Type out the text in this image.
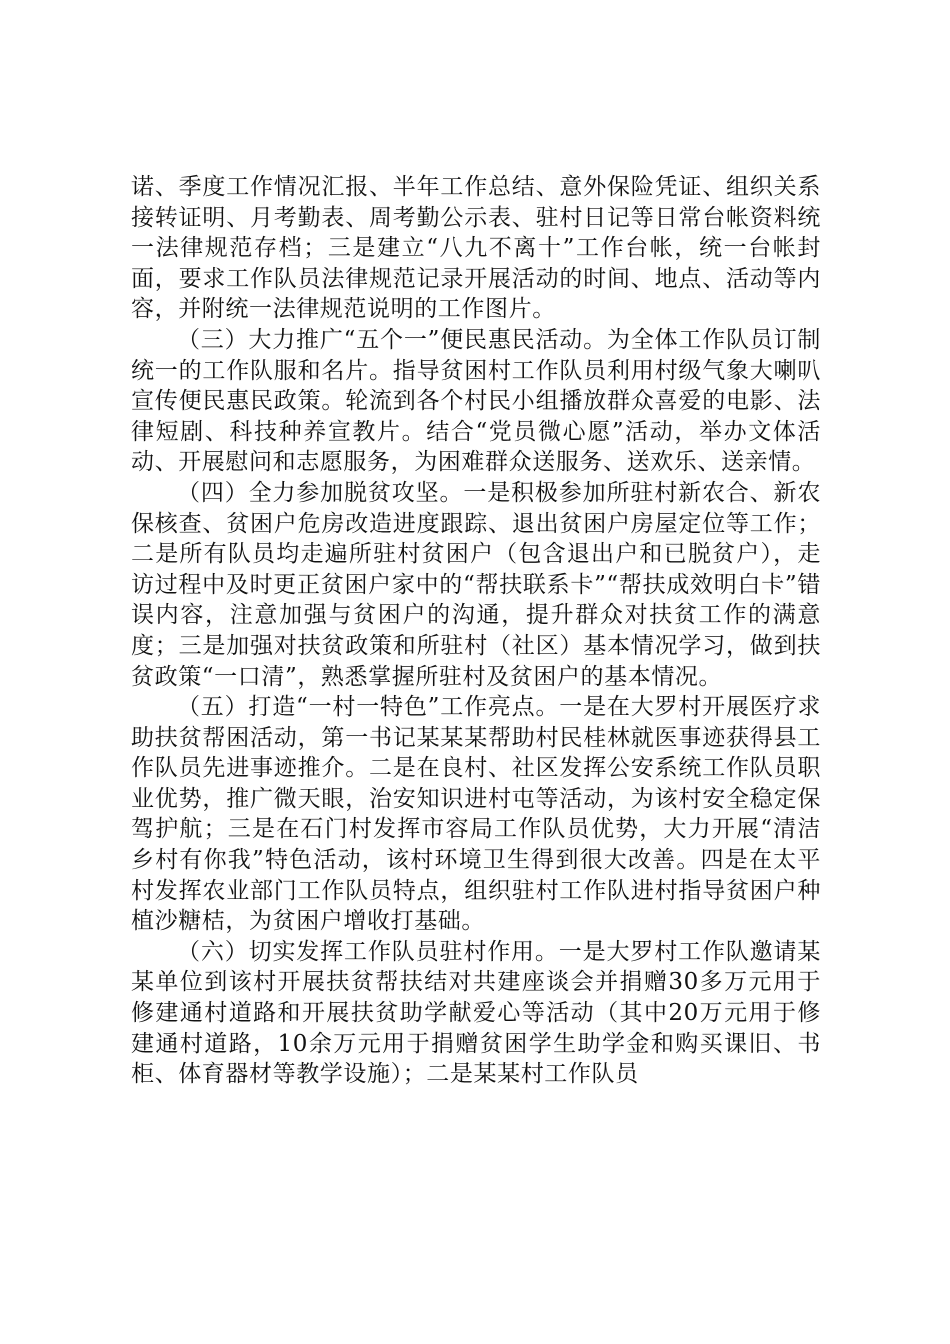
诺、季度工作情况汇报、半年工作总结、意外保险凭证、组织关系接转证明、月考勤表、周考勤公示表、驻村日记等日常台帐资料统一法律规范存档；三是建立“八九不离十”工作台帐，统一台帐封面，要求工作队员法律规范记录开展活动的时间、地点、活动等内容，并附统一法律规范说明的工作图片。

（三）大力推广“五个一”便民惠民活动。为全体工作队员订制统一的工作队服和名片。指导贫困村工作队员利用村级气象大喇叭宣传便民惠民政策。轮流到各个村民小组播放群众喜爱的电影、法律短剧、科技种养宣教片。结合“党员微心愿”活动，举办文体活动、开展慰问和志愿服务，为困难群众送服务、送欢乐、送亲情。

（四）全力参加脱贫攻坚。一是积极参加所驻村新农合、新农保核查、贫困户危房改造进度跟踪、退出贫困户房屋定位等工作；二是所有队员均走遍所驻村贫困户（包含退出户和已脱贫户），走访过程中及时更正贫困户家中的“帮扶联系卡”“帮扶成效明白卡”错误内容，注意加强与贫困户的沟通，提升群众对扶贫工作的满意度；三是加强对扶贫政策和所驻村（社区）基本情况学习，做到扶贫政策“一口清”，熟悉掌握所驻村及贫困户的基本情况。

（五）打造“一村一特色”工作亮点。一是在大罗村开展医疗求助扶贫帮困活动，第一书记某某某帮助村民桂林就医事迹获得县工作队员先进事迹推介。二是在良村、社区发挥公安系统工作队员职业优势，推广微天眼，治安知识进村屯等活动，为该村安全稳定保驾护航；三是在石门村发挥市容局工作队员优势，大力开展“清洁乡村有你我”特色活动，该村环境卫生得到很大改善。四是在太平村发挥农业部门工作队员特点，组织驻村工作队进村指导贫困户种植沙糖桔，为贫困户增收打基础。

（六）切实发挥工作队员驻村作用。一是大罗村工作队邀请某某单位到该村开展扶贫帮扶结对共建座谈会并捐赠30多万元用于修建通村道路和开展扶贫助学献爱心等活动（其中20万元用于修建通村道路，10余万元用于捐赠贫困学生助学金和购买课旧、书柜、体育器材等教学设施）；二是某某村工作队员
